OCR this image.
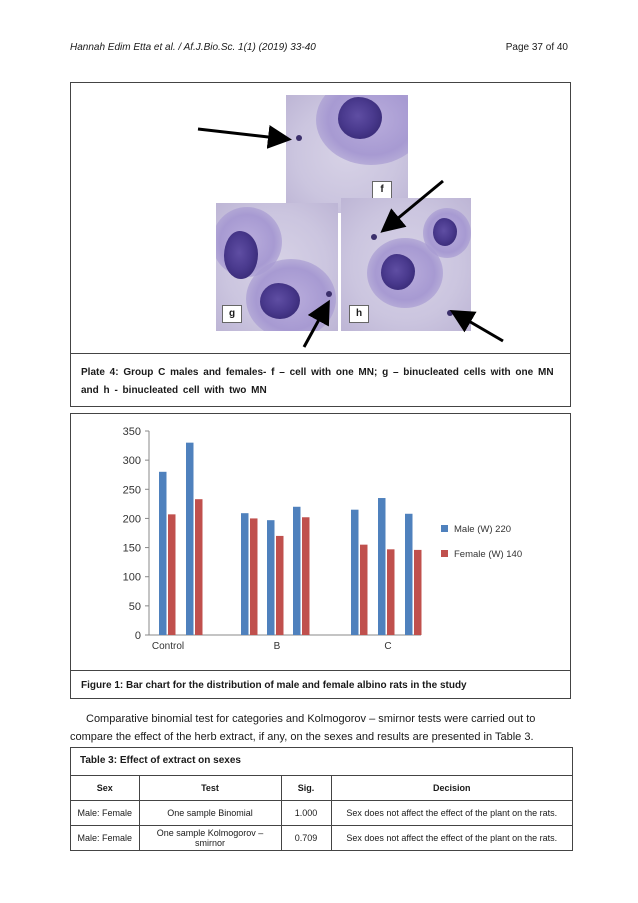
Hannah Edim Etta et al. / Af.J.Bio.Sc. 1(1) (2019) 33-40	Page 37 of 40
f
g	h
Plate 4: Group C males and females- f – cell with one MN; g – binucleated cells with one MN and h - binucleated cell with two MN
0
50
100
150
200
250
300
350
Control	B	C
Male (W) 220
Female (W) 140
Figure 1: Bar chart for the distribution of male and female albino rats in the study
Comparative binomial test for categories and Kolmogorov – smirnor tests were carried out to compare the effect of the herb extract, if any, on the sexes and results are presented in Table 3.
Table 3: Effect of extract on sexes
Sex	Test	Sig.	Decision
Male: Female	One sample Binomial	1.000	Sex does not affect the effect of the plant on the rats.
Male: Female	One sample Kolmogorov – smirnor	0.709	Sex does not affect the effect of the plant on the rats.
